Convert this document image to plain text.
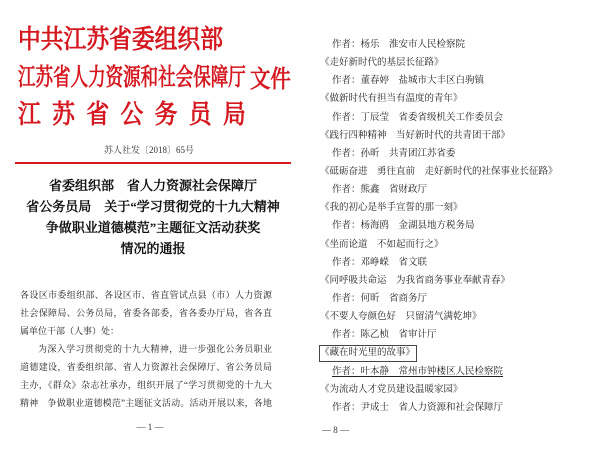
中共江苏省委组织部
江苏省人力资源和社会保障厅 文件
江苏省公务员局
苏人社发〔2018〕65号
省委组织部　省人力资源社会保障厅
省公务员局　关于“学习贯彻党的十九大精神
争做职业道德模范”主题征文活动获奖
情况的通报
各设区市委组织部、各设区市、省直管试点县（市）人力资源
社会保障局、公务员局，省委各部委，省各委办厅局，省各直
属单位干部（人事）处：
为深入学习贯彻党的十九大精神，进一步强化公务员职业
道德建设，省委组织部、省人力资源社会保障厅、省公务员局
主办，《群众》杂志社承办，组织开展了“学习贯彻党的十九大
精神　争做职业道德模范”主题征文活动。活动开展以来，各地
— 1 —
作者：杨乐　淮安市人民检察院
《走好新时代的基层长征路》
作者：董春婷　盐城市大丰区白驹镇
《做新时代有担当有温度的青年》
作者：丁辰莹　省委省级机关工作委员会
《践行四种精神　当好新时代的共青团干部》
作者：孙昕　共青团江苏省委
《砥砺奋进　勇往直前　走好新时代的社保事业长征路》
作者：熊鑫　省财政厅
《我的初心是举手宣誓的那一刻》
作者：杨海鸥　金湖县地方税务局
《坐而论道　不如起而行之》
作者：邓峥嵘　省文联
《同呼吸共命运　为我省商务事业奉献青春》
作者：何昕　省商务厅
《不要人夸颜色好　只留清气满乾坤》
作者：陈乙桢　省审计厅
《藏在时光里的故事》
作者：叶本静　常州市钟楼区人民检察院
《为流动人才党员建设温暖家园》
作者：尹成士　省人力资源和社会保障厅
— 8 —
